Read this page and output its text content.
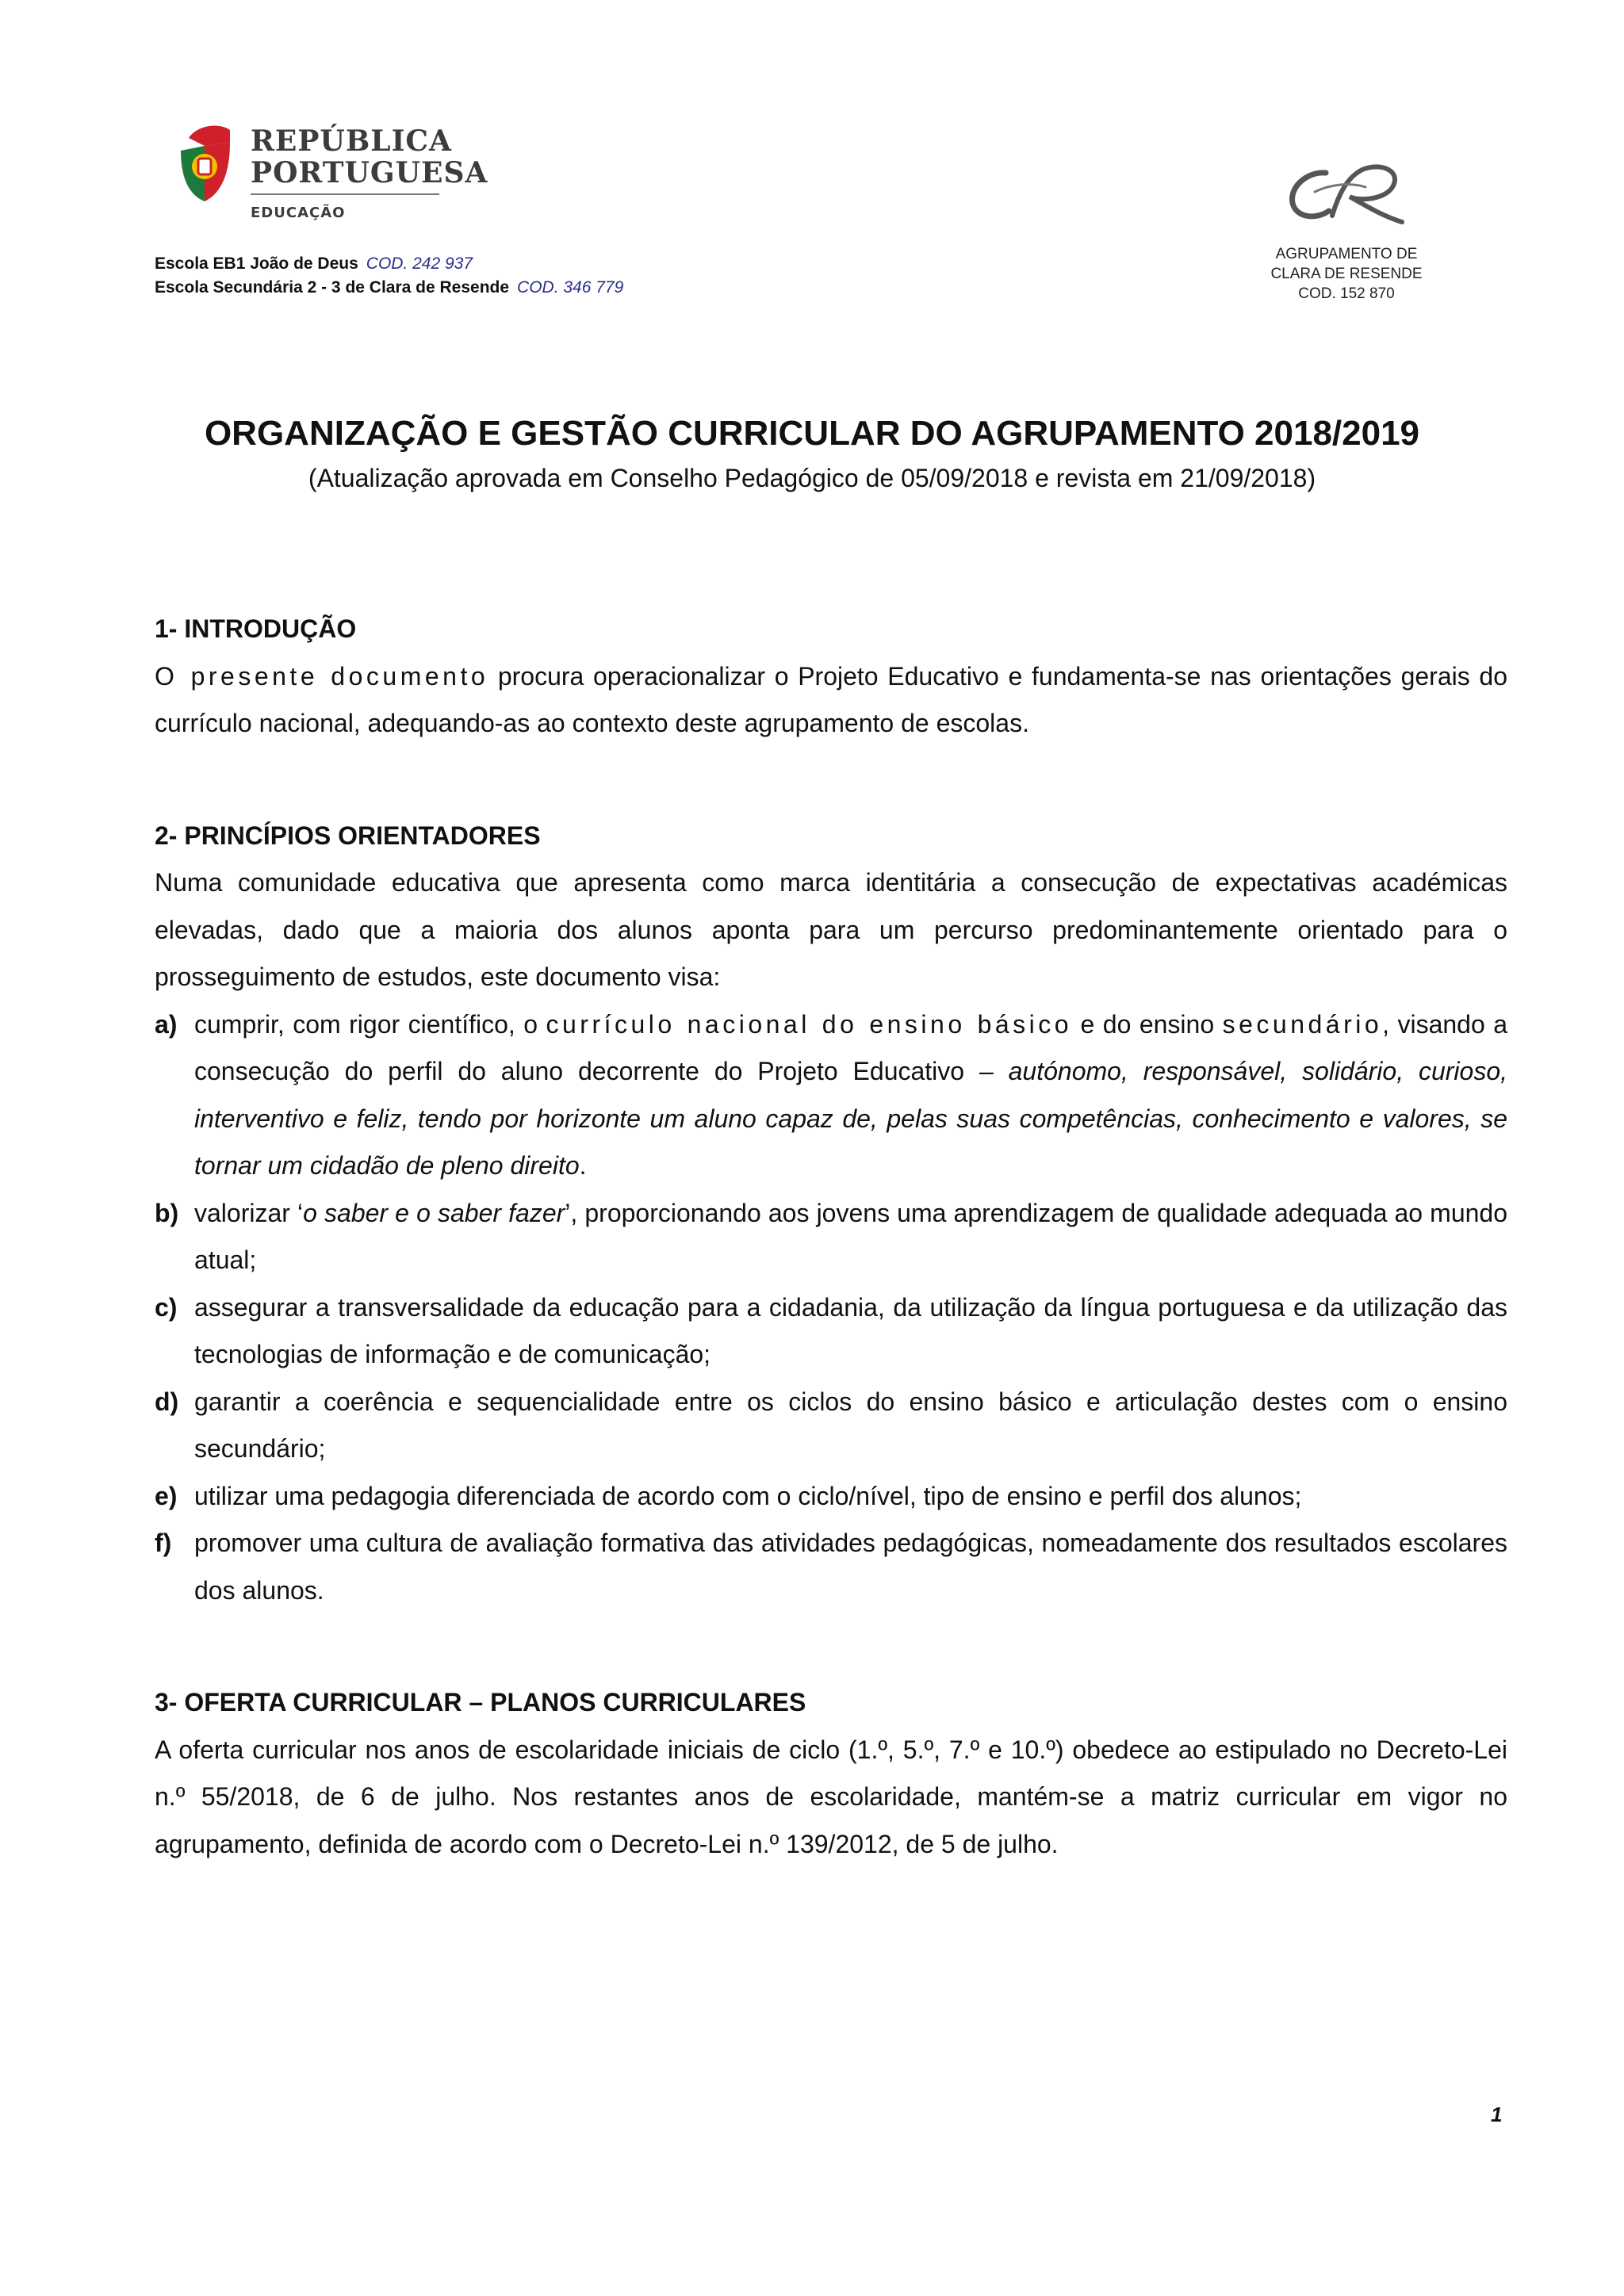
REPÚBLICA
PORTUGUESA
EDUCAÇÃO
Escola EB1 João de Deus COD. 242 937
Escola Secundária 2 - 3 de Clara de Resende COD. 346 779
AGRUPAMENTO DE
CLARA DE RESENDE
COD. 152 870
ORGANIZAÇÃO E GESTÃO CURRICULAR DO AGRUPAMENTO 2018/2019
(Atualização aprovada em Conselho Pedagógico de 05/09/2018 e revista em 21/09/2018)
1- INTRODUÇÃO

O presente documento procura operacionalizar o Projeto Educativo e fundamenta-se nas orientações gerais do currículo nacional, adequando-as ao contexto deste agrupamento de escolas.

2- PRINCÍPIOS ORIENTADORES

Numa comunidade educativa que apresenta como marca identitária a consecução de expectativas académicas elevadas, dado que a maioria dos alunos aponta para um percurso predominantemente orientado para o prosseguimento de estudos, este documento visa:

a) cumprir, com rigor científico, o currículo nacional do ensino básico e do ensino secundário, visando a consecução do perfil do aluno decorrente do Projeto Educativo – autónomo, responsável, solidário, curioso, interventivo e feliz, tendo por horizonte um aluno capaz de, pelas suas competências, conhecimento e valores, se tornar um cidadão de pleno direito.
b) valorizar ‘o saber e o saber fazer’, proporcionando aos jovens uma aprendizagem de qualidade adequada ao mundo atual;
c) assegurar a transversalidade da educação para a cidadania, da utilização da língua portuguesa e da utilização das tecnologias de informação e de comunicação;
d) garantir a coerência e sequencialidade entre os ciclos do ensino básico e articulação destes com o ensino secundário;
e) utilizar uma pedagogia diferenciada de acordo com o ciclo/nível, tipo de ensino e perfil dos alunos;
f) promover uma cultura de avaliação formativa das atividades pedagógicas, nomeadamente dos resultados escolares dos alunos.
3- OFERTA CURRICULAR – PLANOS CURRICULARES

A oferta curricular nos anos de escolaridade iniciais de ciclo (1.º, 5.º, 7.º e 10.º) obedece ao estipulado no Decreto-Lei n.º 55/2018, de 6 de julho. Nos restantes anos de escolaridade, mantém-se a matriz curricular em vigor no agrupamento, definida de acordo com o Decreto-Lei n.º 139/2012, de 5 de julho.

1
